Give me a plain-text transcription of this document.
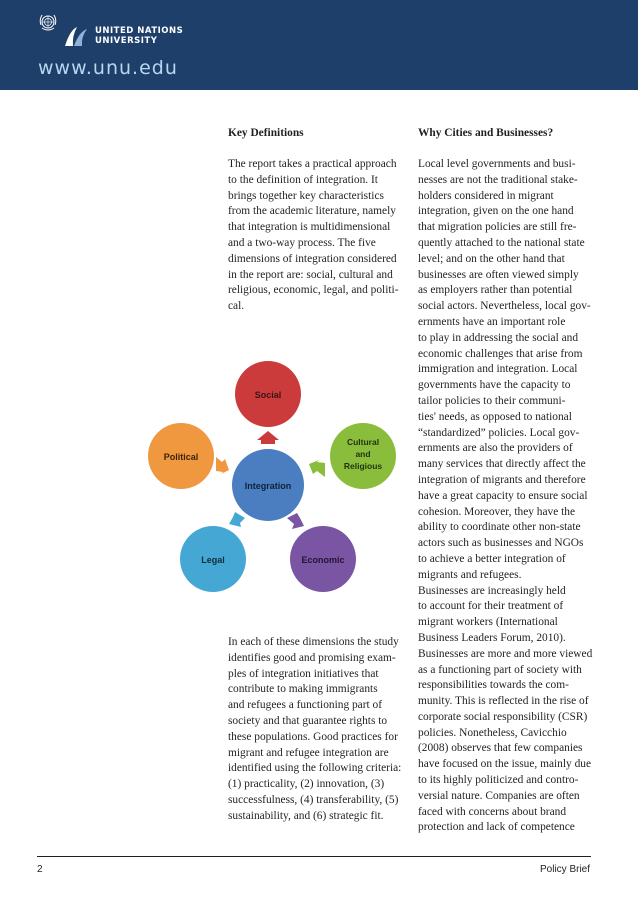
UNITED NATIONS
UNIVERSITY
www.unu.edu
Key Definitions
The report takes a practical approach
to the definition of integration. It
brings together key characteristics
from the academic literature, namely
that integration is multidimensional
and a two-way process. The five
dimensions of integration considered
in the report are: social, cultural and
religious, economic, legal, and politi-
cal.
Social
Cultural
and
Religious
Economic
Legal
Political
Integration
In each of these dimensions the study
identifies good and promising exam-
ples of integration initiatives that
contribute to making immigrants
and refugees a functioning part of
society and that guarantee rights to
these populations. Good practices for
migrant and refugee integration are
identified using the following criteria:
(1) practicality, (2) innovation, (3)
successfulness, (4) transferability, (5)
sustainability, and (6) strategic fit.
Why Cities and Businesses?
Local level governments and busi-
nesses are not the traditional stake-
holders considered in migrant
integration, given on the one hand
that migration policies are still fre-
quently attached to the national state
level; and on the other hand that
businesses are often viewed simply
as employers rather than potential
social actors. Nevertheless, local gov-
ernments have an important role
to play in addressing the social and
economic challenges that arise from
immigration and integration. Local
governments have the capacity to
tailor policies to their communi-
ties' needs, as opposed to national
“standardized” policies. Local gov-
ernments are also the providers of
many services that directly affect the
integration of migrants and therefore
have a great capacity to ensure social
cohesion. Moreover, they have the
ability to coordinate other non-state
actors such as businesses and NGOs
to achieve a better integration of
migrants and refugees.
Businesses are increasingly held
to account for their treatment of
migrant workers (International
Business Leaders Forum, 2010).
Businesses are more and more viewed
as a functioning part of society with
responsibilities towards the com-
munity. This is reflected in the rise of
corporate social responsibility (CSR)
policies. Nonetheless, Cavicchio
(2008) observes that few companies
have focused on the issue, mainly due
to its highly politicized and contro-
versial nature. Companies are often
faced with concerns about brand
protection and lack of competence
2	Policy Brief
